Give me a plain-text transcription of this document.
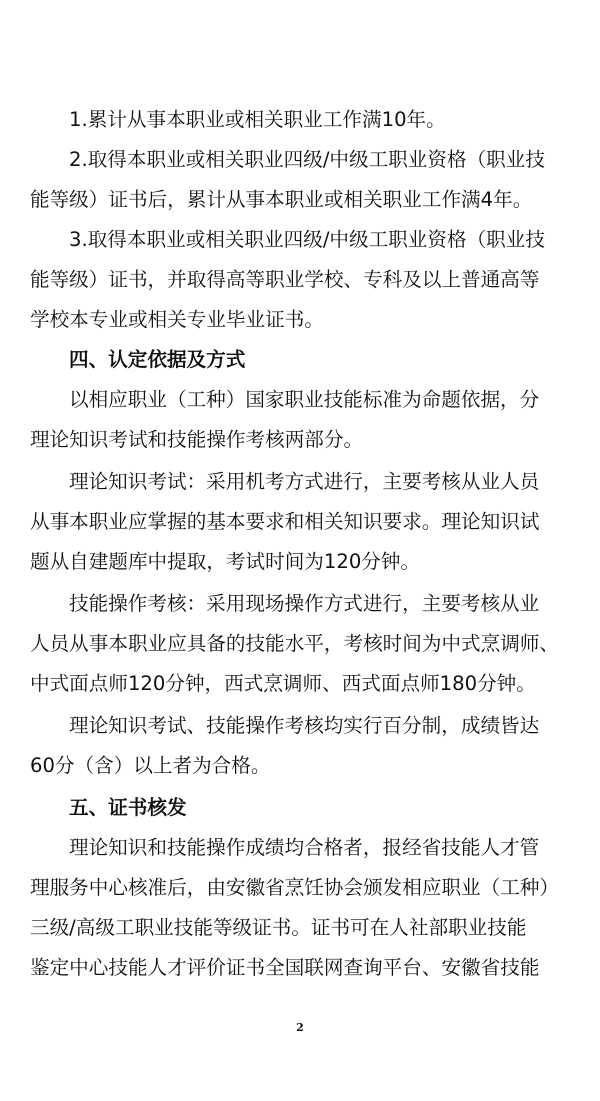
1.累计从事本职业或相关职业工作满10年。
2.取得本职业或相关职业四级/中级工职业资格（职业技
能等级）证书后，累计从事本职业或相关职业工作满4年。
3.取得本职业或相关职业四级/中级工职业资格（职业技
能等级）证书，并取得高等职业学校、专科及以上普通高等
学校本专业或相关专业毕业证书。
四、认定依据及方式
以相应职业（工种）国家职业技能标准为命题依据，分
理论知识考试和技能操作考核两部分。
理论知识考试：采用机考方式进行，主要考核从业人员
从事本职业应掌握的基本要求和相关知识要求。理论知识试
题从自建题库中提取，考试时间为120分钟。
技能操作考核：采用现场操作方式进行，主要考核从业
人员从事本职业应具备的技能水平，考核时间为中式烹调师、
中式面点师120分钟，西式烹调师、西式面点师180分钟。
理论知识考试、技能操作考核均实行百分制，成绩皆达
60分（含）以上者为合格。
五、证书核发
理论知识和技能操作成绩均合格者，报经省技能人才管
理服务中心核准后，由安徽省烹饪协会颁发相应职业（工种）
三级/高级工职业技能等级证书。证书可在人社部职业技能
鉴定中心技能人才评价证书全国联网查询平台、安徽省技能
2
